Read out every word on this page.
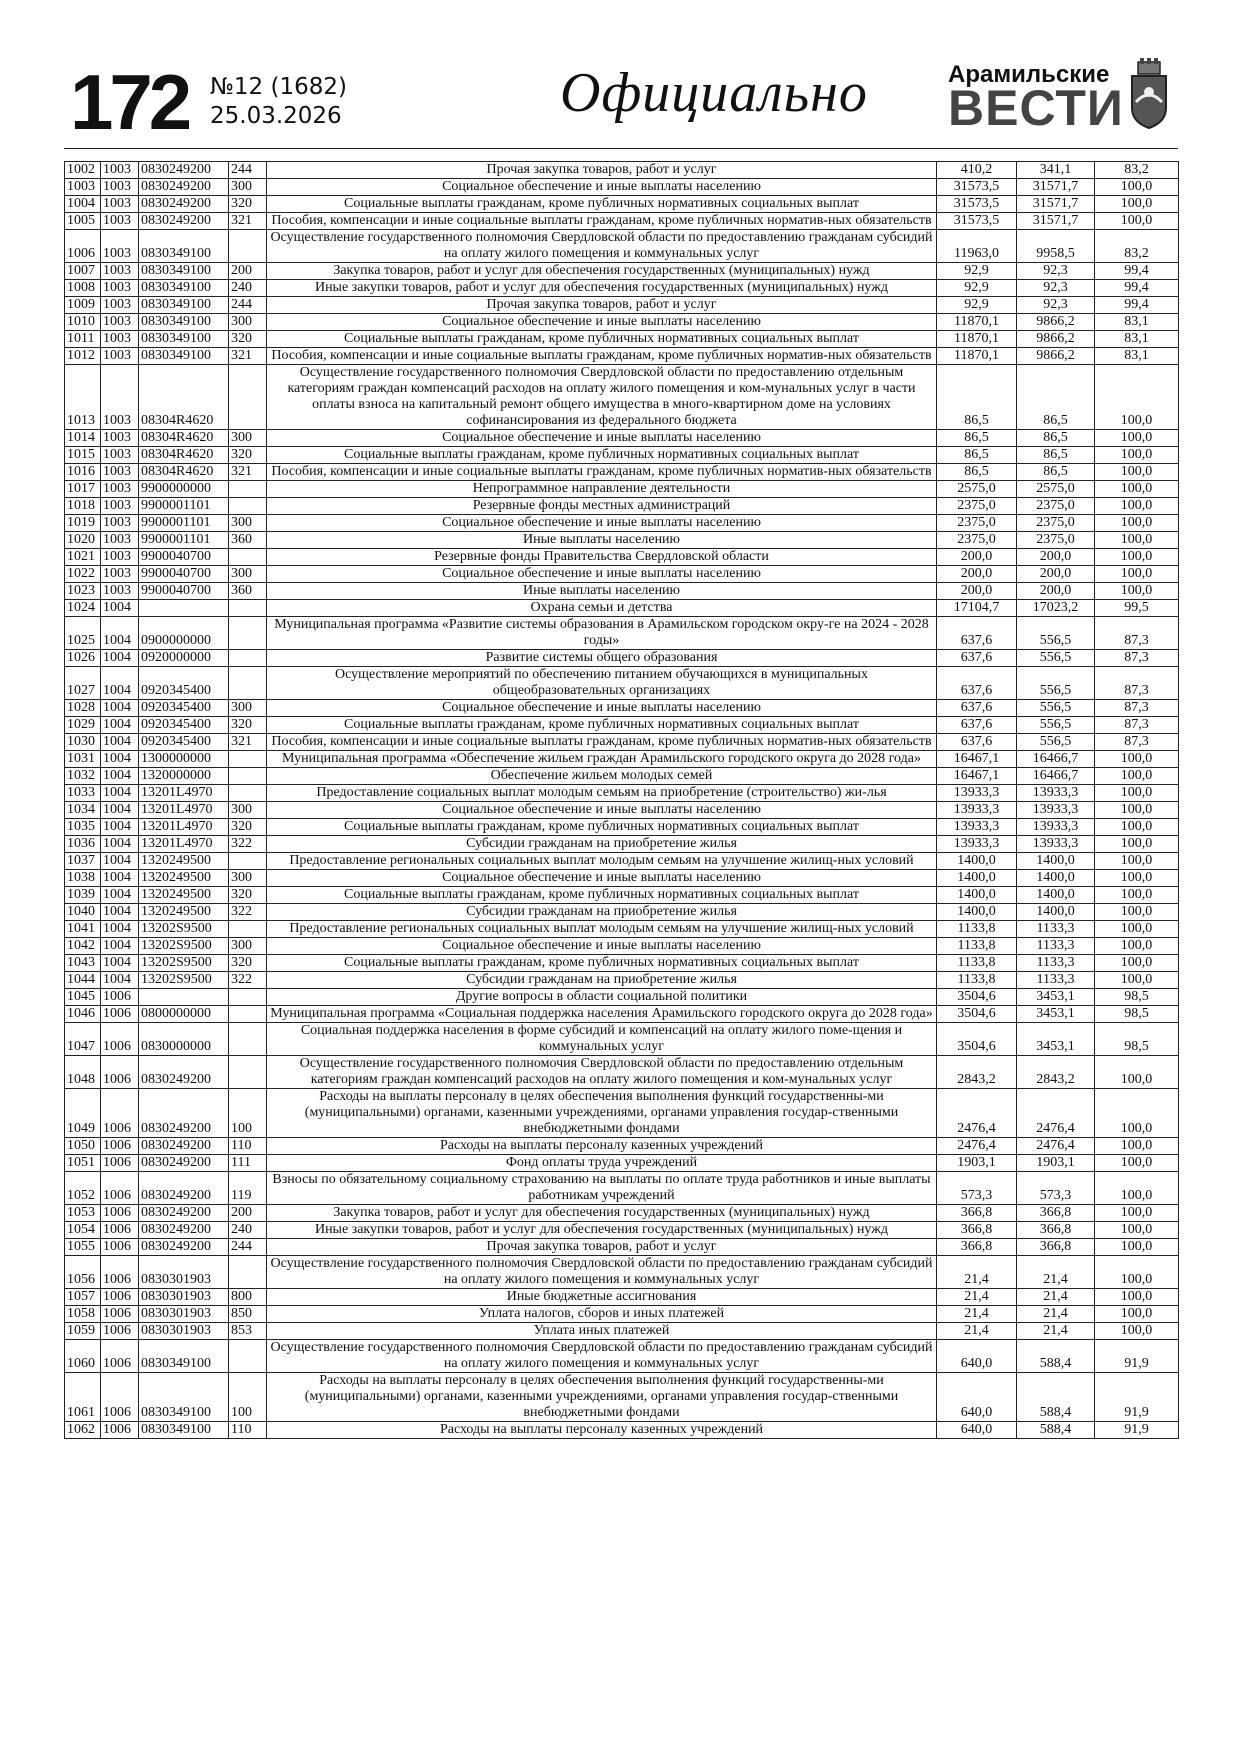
172 №12 (1682)
25.03.2026	Официально	Арамильские
ВЕСТИ
1002	1003	0830249200	244	Прочая закупка товаров, работ и услуг	410,2	341,1	83,2
1003	1003	0830249200	300	Социальное обеспечение и иные выплаты населению	31573,5	31571,7	100,0
1004	1003	0830249200	320	Социальные выплаты гражданам, кроме публичных нормативных социальных выплат	31573,5	31571,7	100,0
1005	1003	0830249200	321	Пособия, компенсации и иные социальные выплаты гражданам, кроме публичных норматив-ных обязательств	31573,5	31571,7	100,0
1006	1003	0830349100		Осуществление государственного полномочия Свердловской области по предоставлению гражданам субсидий на оплату жилого помещения и коммунальных услуг	11963,0	9958,5	83,2
1007	1003	0830349100	200	Закупка товаров, работ и услуг для обеспечения государственных (муниципальных) нужд	92,9	92,3	99,4
1008	1003	0830349100	240	Иные закупки товаров, работ и услуг для обеспечения государственных (муниципальных) нужд	92,9	92,3	99,4
1009	1003	0830349100	244	Прочая закупка товаров, работ и услуг	92,9	92,3	99,4
1010	1003	0830349100	300	Социальное обеспечение и иные выплаты населению	11870,1	9866,2	83,1
1011	1003	0830349100	320	Социальные выплаты гражданам, кроме публичных нормативных социальных выплат	11870,1	9866,2	83,1
1012	1003	0830349100	321	Пособия, компенсации и иные социальные выплаты гражданам, кроме публичных норматив-ных обязательств	11870,1	9866,2	83,1
1013	1003	08304R4620		Осуществление государственного полномочия Свердловской области по предоставлению отдельным категориям граждан компенсаций расходов на оплату жилого помещения и ком-мунальных услуг в части оплаты взноса на капитальный ремонт общего имущества в много-квартирном доме на условиях софинансирования из федерального бюджета	86,5	86,5	100,0
1014	1003	08304R4620	300	Социальное обеспечение и иные выплаты населению	86,5	86,5	100,0
1015	1003	08304R4620	320	Социальные выплаты гражданам, кроме публичных нормативных социальных выплат	86,5	86,5	100,0
1016	1003	08304R4620	321	Пособия, компенсации и иные социальные выплаты гражданам, кроме публичных норматив-ных обязательств	86,5	86,5	100,0
1017	1003	9900000000		Непрограммное направление деятельности	2575,0	2575,0	100,0
1018	1003	9900001101		Резервные фонды местных администраций	2375,0	2375,0	100,0
1019	1003	9900001101	300	Социальное обеспечение и иные выплаты населению	2375,0	2375,0	100,0
1020	1003	9900001101	360	Иные выплаты населению	2375,0	2375,0	100,0
1021	1003	9900040700		Резервные фонды Правительства Свердловской области	200,0	200,0	100,0
1022	1003	9900040700	300	Социальное обеспечение и иные выплаты населению	200,0	200,0	100,0
1023	1003	9900040700	360	Иные выплаты населению	200,0	200,0	100,0
1024	1004			Охрана семьи и детства	17104,7	17023,2	99,5
1025	1004	0900000000		Муниципальная программа «Развитие системы образования в Арамильском городском окру-ге на 2024 - 2028 годы»	637,6	556,5	87,3
1026	1004	0920000000		Развитие системы общего образования	637,6	556,5	87,3
1027	1004	0920345400		Осуществление мероприятий по обеспечению питанием обучающихся в муниципальных общеобразовательных организациях	637,6	556,5	87,3
1028	1004	0920345400	300	Социальное обеспечение и иные выплаты населению	637,6	556,5	87,3
1029	1004	0920345400	320	Социальные выплаты гражданам, кроме публичных нормативных социальных выплат	637,6	556,5	87,3
1030	1004	0920345400	321	Пособия, компенсации и иные социальные выплаты гражданам, кроме публичных норматив-ных обязательств	637,6	556,5	87,3
1031	1004	1300000000		Муниципальная программа «Обеспечение жильем граждан Арамильского городского округа до 2028 года»	16467,1	16466,7	100,0
1032	1004	1320000000		Обеспечение жильем молодых семей	16467,1	16466,7	100,0
1033	1004	13201L4970		Предоставление социальных выплат молодым семьям на приобретение (строительство) жи-лья	13933,3	13933,3	100,0
1034	1004	13201L4970	300	Социальное обеспечение и иные выплаты населению	13933,3	13933,3	100,0
1035	1004	13201L4970	320	Социальные выплаты гражданам, кроме публичных нормативных социальных выплат	13933,3	13933,3	100,0
1036	1004	13201L4970	322	Субсидии гражданам на приобретение жилья	13933,3	13933,3	100,0
1037	1004	1320249500		Предоставление региональных социальных выплат молодым семьям на улучшение жилищ-ных условий	1400,0	1400,0	100,0
1038	1004	1320249500	300	Социальное обеспечение и иные выплаты населению	1400,0	1400,0	100,0
1039	1004	1320249500	320	Социальные выплаты гражданам, кроме публичных нормативных социальных выплат	1400,0	1400,0	100,0
1040	1004	1320249500	322	Субсидии гражданам на приобретение жилья	1400,0	1400,0	100,0
1041	1004	13202S9500		Предоставление региональных социальных выплат молодым семьям на улучшение жилищ-ных условий	1133,8	1133,3	100,0
1042	1004	13202S9500	300	Социальное обеспечение и иные выплаты населению	1133,8	1133,3	100,0
1043	1004	13202S9500	320	Социальные выплаты гражданам, кроме публичных нормативных социальных выплат	1133,8	1133,3	100,0
1044	1004	13202S9500	322	Субсидии гражданам на приобретение жилья	1133,8	1133,3	100,0
1045	1006			Другие вопросы в области социальной политики	3504,6	3453,1	98,5
1046	1006	0800000000		Муниципальная программа «Социальная поддержка населения Арамильского городского округа до 2028 года»	3504,6	3453,1	98,5
1047	1006	0830000000		Социальная поддержка населения в форме субсидий и компенсаций на оплату жилого поме-щения и коммунальных услуг	3504,6	3453,1	98,5
1048	1006	0830249200		Осуществление государственного полномочия Свердловской области по предоставлению отдельным категориям граждан компенсаций расходов на оплату жилого помещения и ком-мунальных услуг	2843,2	2843,2	100,0
1049	1006	0830249200	100	Расходы на выплаты персоналу в целях обеспечения выполнения функций государственны-ми (муниципальными) органами, казенными учреждениями, органами управления государ-ственными внебюджетными фондами	2476,4	2476,4	100,0
1050	1006	0830249200	110	Расходы на выплаты персоналу казенных учреждений	2476,4	2476,4	100,0
1051	1006	0830249200	111	Фонд оплаты труда учреждений	1903,1	1903,1	100,0
1052	1006	0830249200	119	Взносы по обязательному социальному страхованию на выплаты по оплате труда работников и иные выплаты работникам учреждений	573,3	573,3	100,0
1053	1006	0830249200	200	Закупка товаров, работ и услуг для обеспечения государственных (муниципальных) нужд	366,8	366,8	100,0
1054	1006	0830249200	240	Иные закупки товаров, работ и услуг для обеспечения государственных (муниципальных) нужд	366,8	366,8	100,0
1055	1006	0830249200	244	Прочая закупка товаров, работ и услуг	366,8	366,8	100,0
1056	1006	0830301903		Осуществление государственного полномочия Свердловской области по предоставлению гражданам субсидий на оплату жилого помещения и коммунальных услуг	21,4	21,4	100,0
1057	1006	0830301903	800	Иные бюджетные ассигнования	21,4	21,4	100,0
1058	1006	0830301903	850	Уплата налогов, сборов и иных платежей	21,4	21,4	100,0
1059	1006	0830301903	853	Уплата иных платежей	21,4	21,4	100,0
1060	1006	0830349100		Осуществление государственного полномочия Свердловской области по предоставлению гражданам субсидий на оплату жилого помещения и коммунальных услуг	640,0	588,4	91,9
1061	1006	0830349100	100	Расходы на выплаты персоналу в целях обеспечения выполнения функций государственны-ми (муниципальными) органами, казенными учреждениями, органами управления государ-ственными внебюджетными фондами	640,0	588,4	91,9
1062	1006	0830349100	110	Расходы на выплаты персоналу казенных учреждений	640,0	588,4	91,9
